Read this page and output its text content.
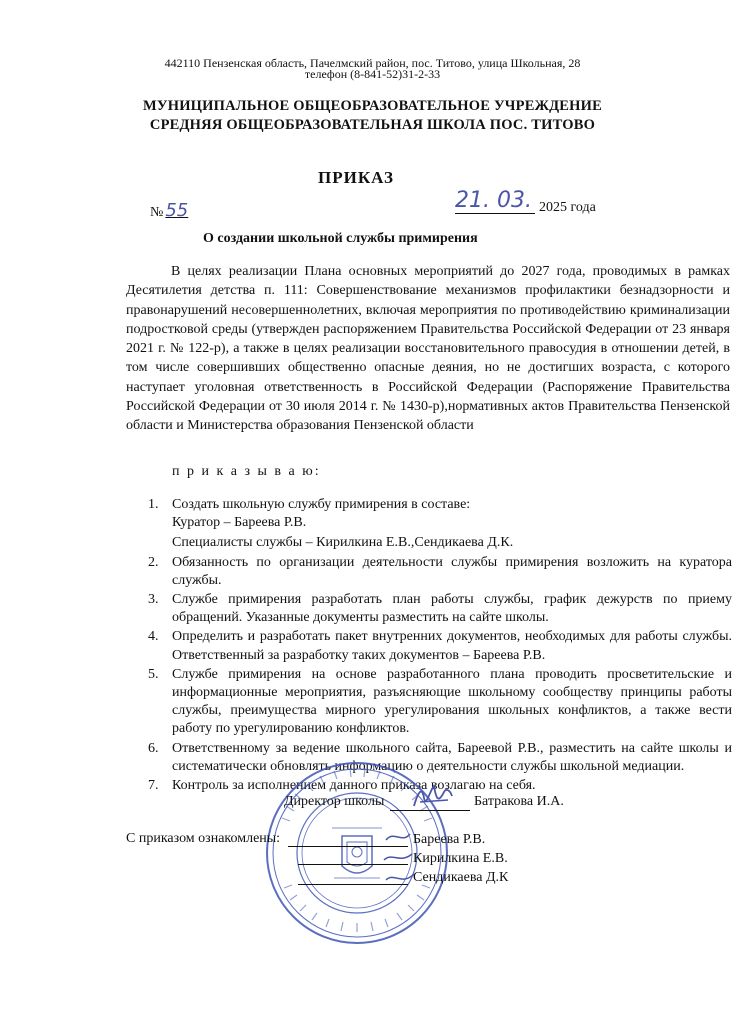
442110 Пензенская область, Пачелмский район, пос. Титово, улица Школьная, 28
телефон (8-841-52)31-2-33
МУНИЦИПАЛЬНОЕ ОБЩЕОБРАЗОВАТЕЛЬНОЕ УЧРЕЖДЕНИЕ
СРЕДНЯЯ ОБЩЕОБРАЗОВАТЕЛЬНАЯ ШКОЛА ПОС. ТИТОВО
ПРИКАЗ
№ 55	21. 03. 2025 года
О создании школьной службы примирения
В целях реализации Плана основных мероприятий до 2027 года, проводимых в рамках Десятилетия детства п. 111: Совершенствование механизмов профилактики безнадзорности и правонарушений несовершеннолетних, включая мероприятия по противодействию криминализации подростковой среды (утвержден распоряжением Правительства Российской Федерации от 23 января 2021 г. № 122-р), а также в целях реализации восстановительного правосудия в отношении детей, в том числе совершивших общественно опасные деяния, но не достигших возраста, с которого наступает уголовная ответственность в Российской Федерации (Распоряжение Правительства Российской Федерации от 30 июля 2014 г. № 1430-р),нормативных актов Правительства Пензенской области и Министерства образования Пензенской области
п р и к а з ы в а ю:
1. Создать школьную службу примирения в составе:
Куратор – Бареева Р.В.
Специалисты службы – Кирилкина Е.В.,Сендикаева Д.К.
2. Обязанность по организации деятельности службы примирения возложить на куратора службы.
3. Службе примирения разработать план работы службы, график дежурств по приему обращений. Указанные документы разместить на сайте школы.
4. Определить и разработать пакет внутренних документов, необходимых для работы службы. Ответственный за разработку таких документов – Бареева Р.В.
5. Службе примирения на основе разработанного плана проводить просветительские и информационные мероприятия, разъясняющие школьному сообществу принципы работы службы, преимущества мирного урегулирования школьных конфликтов, а также вести работу по урегулированию конфликтов.
6. Ответственному за ведение школьного сайта, Бареевой Р.В., разместить на сайте школы и систематически обновлять информацию о деятельности службы школьной медиации.
7. Контроль за исполнением данного приказа возлагаю на себя.
Директор школы	Батракова И.А.
С приказом ознакомлены:	Бареева Р.В.
Кирилкина Е.В.
Сендикаева Д.К
